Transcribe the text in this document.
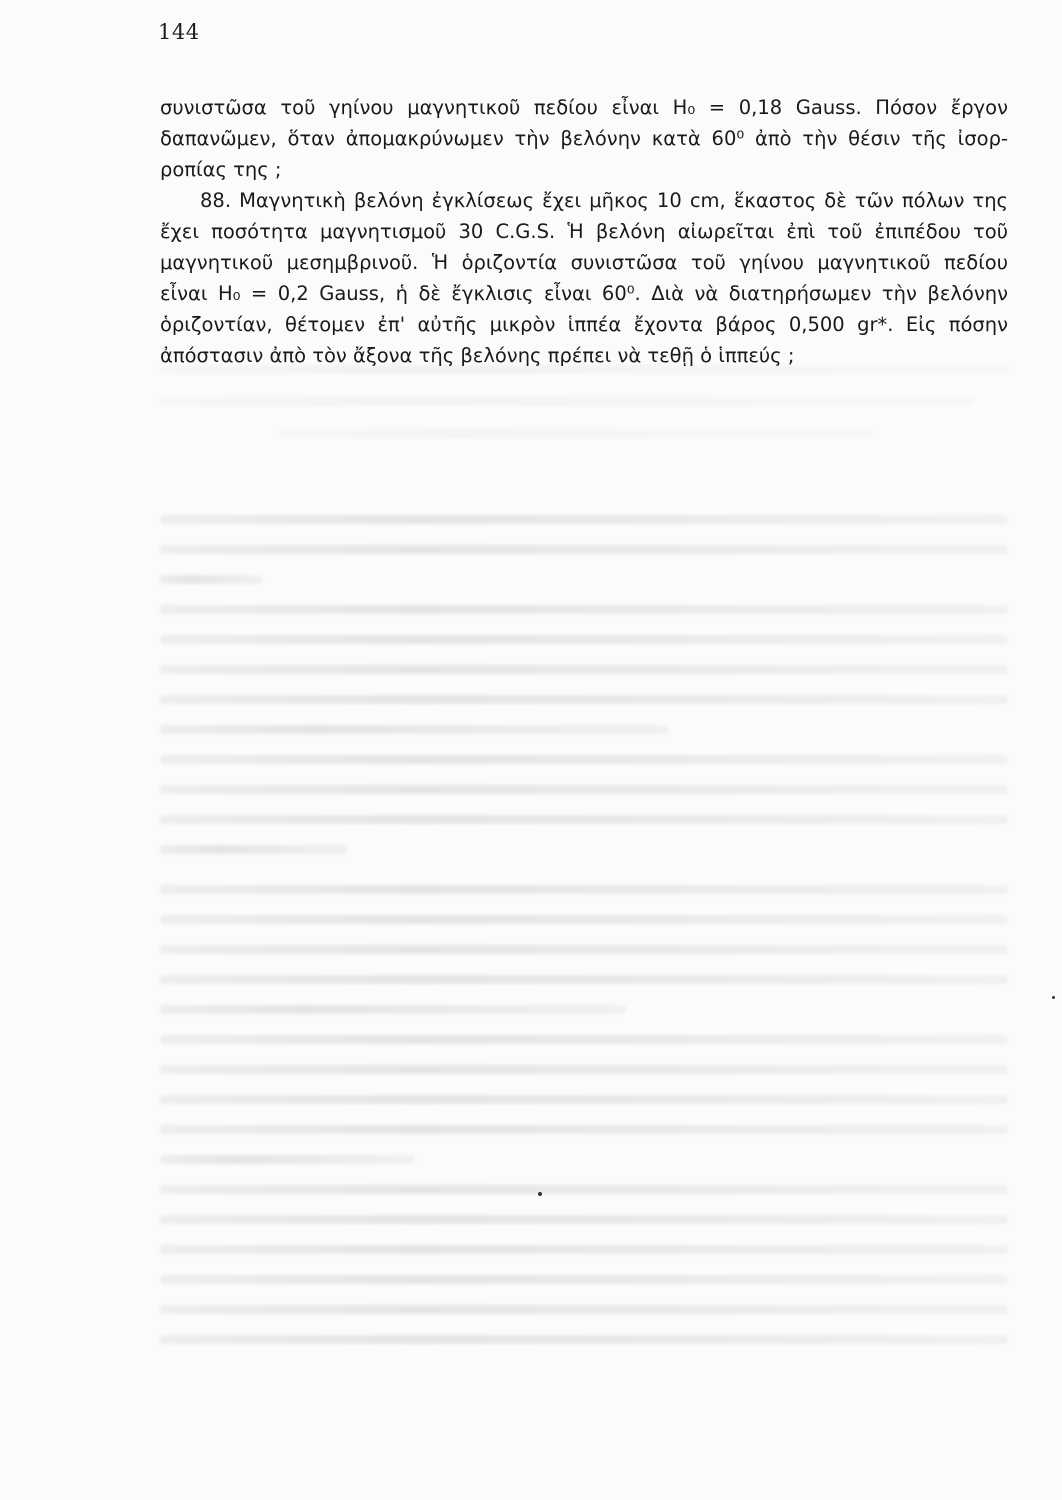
144
συνιστῶσα τοῦ γηίνου μαγνητικοῦ πεδίου εἶναι H₀ = 0,18 Gauss. Πόσον ἔργον
δαπανῶμεν, ὅταν ἀπομακρύνωμεν τὴν βελόνην κατὰ 60⁰ ἀπὸ τὴν θέσιν τῆς ἰσορ-
ροπίας της ;
88. Μαγνητικὴ βελόνη ἐγκλίσεως ἔχει μῆκος 10 cm, ἕκαστος δὲ τῶν πόλων της
ἔχει ποσότητα μαγνητισμοῦ 30 C.G.S. Ἡ βελόνη αἰωρεῖται ἐπὶ τοῦ ἐπιπέδου τοῦ
μαγνητικοῦ μεσημβρινοῦ. Ἡ ὁριζοντία συνιστῶσα τοῦ γηίνου μαγνητικοῦ πεδίου
εἶναι H₀ = 0,2 Gauss, ἡ δὲ ἔγκλισις εἶναι 60⁰. Διὰ νὰ διατηρήσωμεν τὴν βελόνην
ὁριζοντίαν, θέτομεν ἐπ' αὐτῆς μικρὸν ἱππέα ἔχοντα βάρος 0,500 gr*. Εἰς πόσην
ἀπόστασιν ἀπὸ τὸν ἄξονα τῆς βελόνης πρέπει νὰ τεθῇ ὁ ἱππεύς ;
